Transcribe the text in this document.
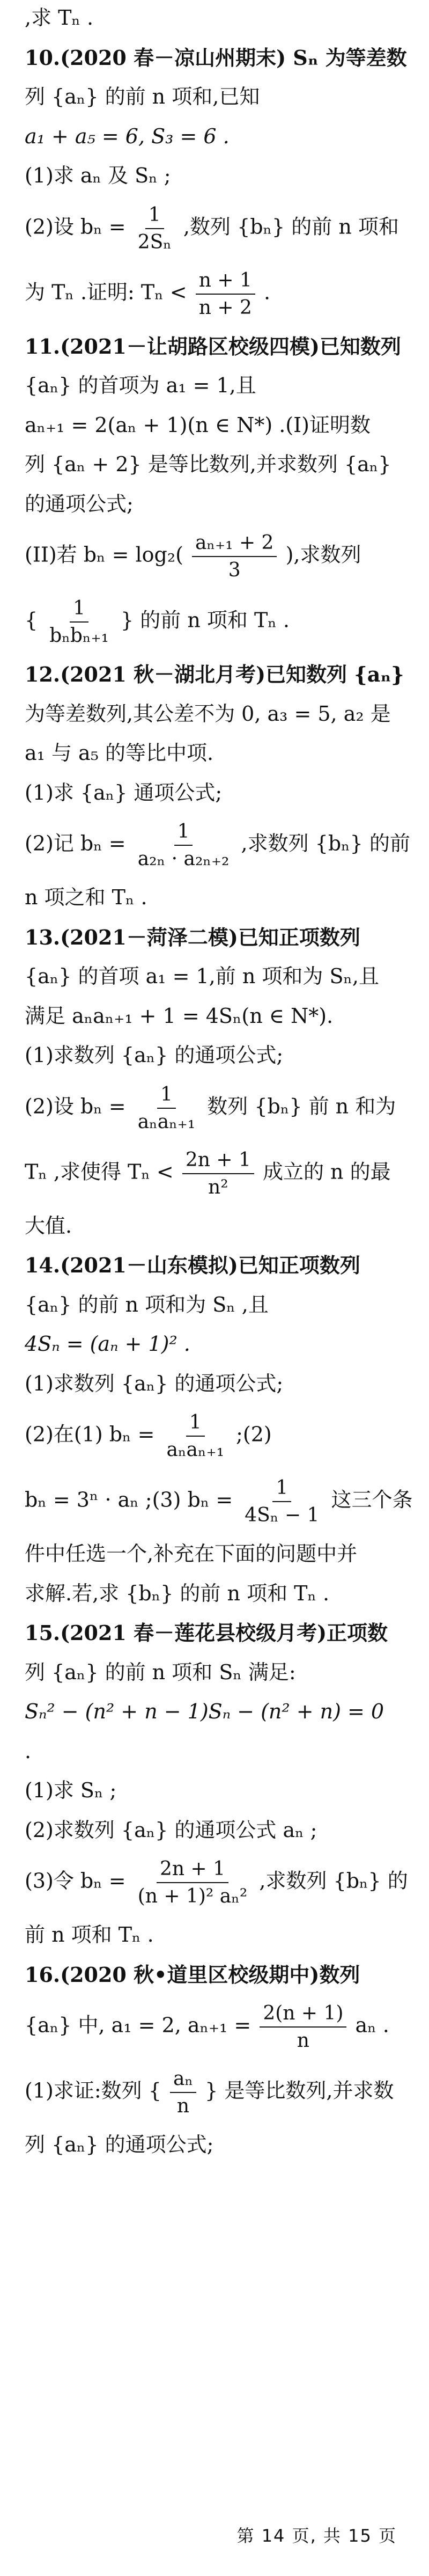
,求 Tₙ .
10.(2020 春－凉山州期末) Sₙ 为等差数
列 {aₙ} 的前 n 项和,已知
a₁ + a₅ = 6, S₃ = 6 .
(1)求 aₙ 及 Sₙ ;
(2)设 $b_n = \frac{1}{\text{2Sₙ}}$ ,数列 {bₙ} 的前 n 项和
为 Tₙ .证明: $T_n < \frac{n + 1}{n + 2}$ .
11.(2021－让胡路区校级四模)已知数列
{aₙ} 的首项为 a₁ = 1,且
aₙ₊₁ = 2(aₙ + 1)(n ∈ N*) .(I)证明数
列 {aₙ + 2} 是等比数列,并求数列 {aₙ}
的通项公式;
(II)若 $b_n = \log_2( \frac{\text{aₙ₊₁ + 2}}{3}$ ),求数列
{ $\frac{1}{\text{bₙbₙ₊₁}}$ } 的前 n 项和 Tₙ .
12.(2021 秋－湖北月考)已知数列 {aₙ}
为等差数列,其公差不为 0, a₃ = 5, a₂ 是
a₁ 与 a₅ 的等比中项.
(1)求 {aₙ} 通项公式;
(2)记 $b_n = \frac{1}{\text{a₂ₙ · a₂ₙ₊₂}}$ ,求数列 {bₙ} 的前
n 项之和 Tₙ .
13.(2021－菏泽二模)已知正项数列
{aₙ} 的首项 a₁ = 1,前 n 项和为 Sₙ,且
满足 aₙaₙ₊₁ + 1 = 4Sₙ(n ∈ N*).
(1)求数列 {aₙ} 的通项公式;
(2)设 $b_n = \frac{1}{\text{aₙaₙ₊₁}}$ 数列 {bₙ} 前 n 和为
Tₙ ,求使得 $T_n < \frac{2n + 1}{\text{n²}}$ 成立的 n 的最
大值.
14.(2021－山东模拟)已知正项数列
{aₙ} 的前 n 项和为 Sₙ ,且
4Sₙ = (aₙ + 1)² .
(1)求数列 {aₙ} 的通项公式;
(2)在(1) $b_n = \frac{1}{\text{aₙaₙ₊₁}}$ ;(2)
bₙ = 3ⁿ · aₙ ;(3) $b_n = \frac{1}{\text{4Sₙ − 1}}$ 这三个条
件中任选一个,补充在下面的问题中并
求解.若,求 {bₙ} 的前 n 项和 Tₙ .
15.(2021 春－莲花县校级月考)正项数
列 {aₙ} 的前 n 项和 Sₙ 满足:
Sₙ² − (n² + n − 1)Sₙ − (n² + n) = 0
.
(1)求 Sₙ ;
(2)求数列 {aₙ} 的通项公式 aₙ ;
(3)令 $b_n = \frac{2n + 1}{\text{(n + 1)² aₙ²}}$ ,求数列 {bₙ} 的
前 n 项和 Tₙ .
16.(2020 秋•道里区校级期中)数列
{aₙ} 中, a₁ = 2, $a_{n+1} = \frac{2(n + 1)}{n}$ aₙ .
(1)求证:数列 { $\frac{\text{aₙ}}{n}$ } 是等比数列,并求数
列 {aₙ} 的通项公式;
第 14 页, 共 15 页
